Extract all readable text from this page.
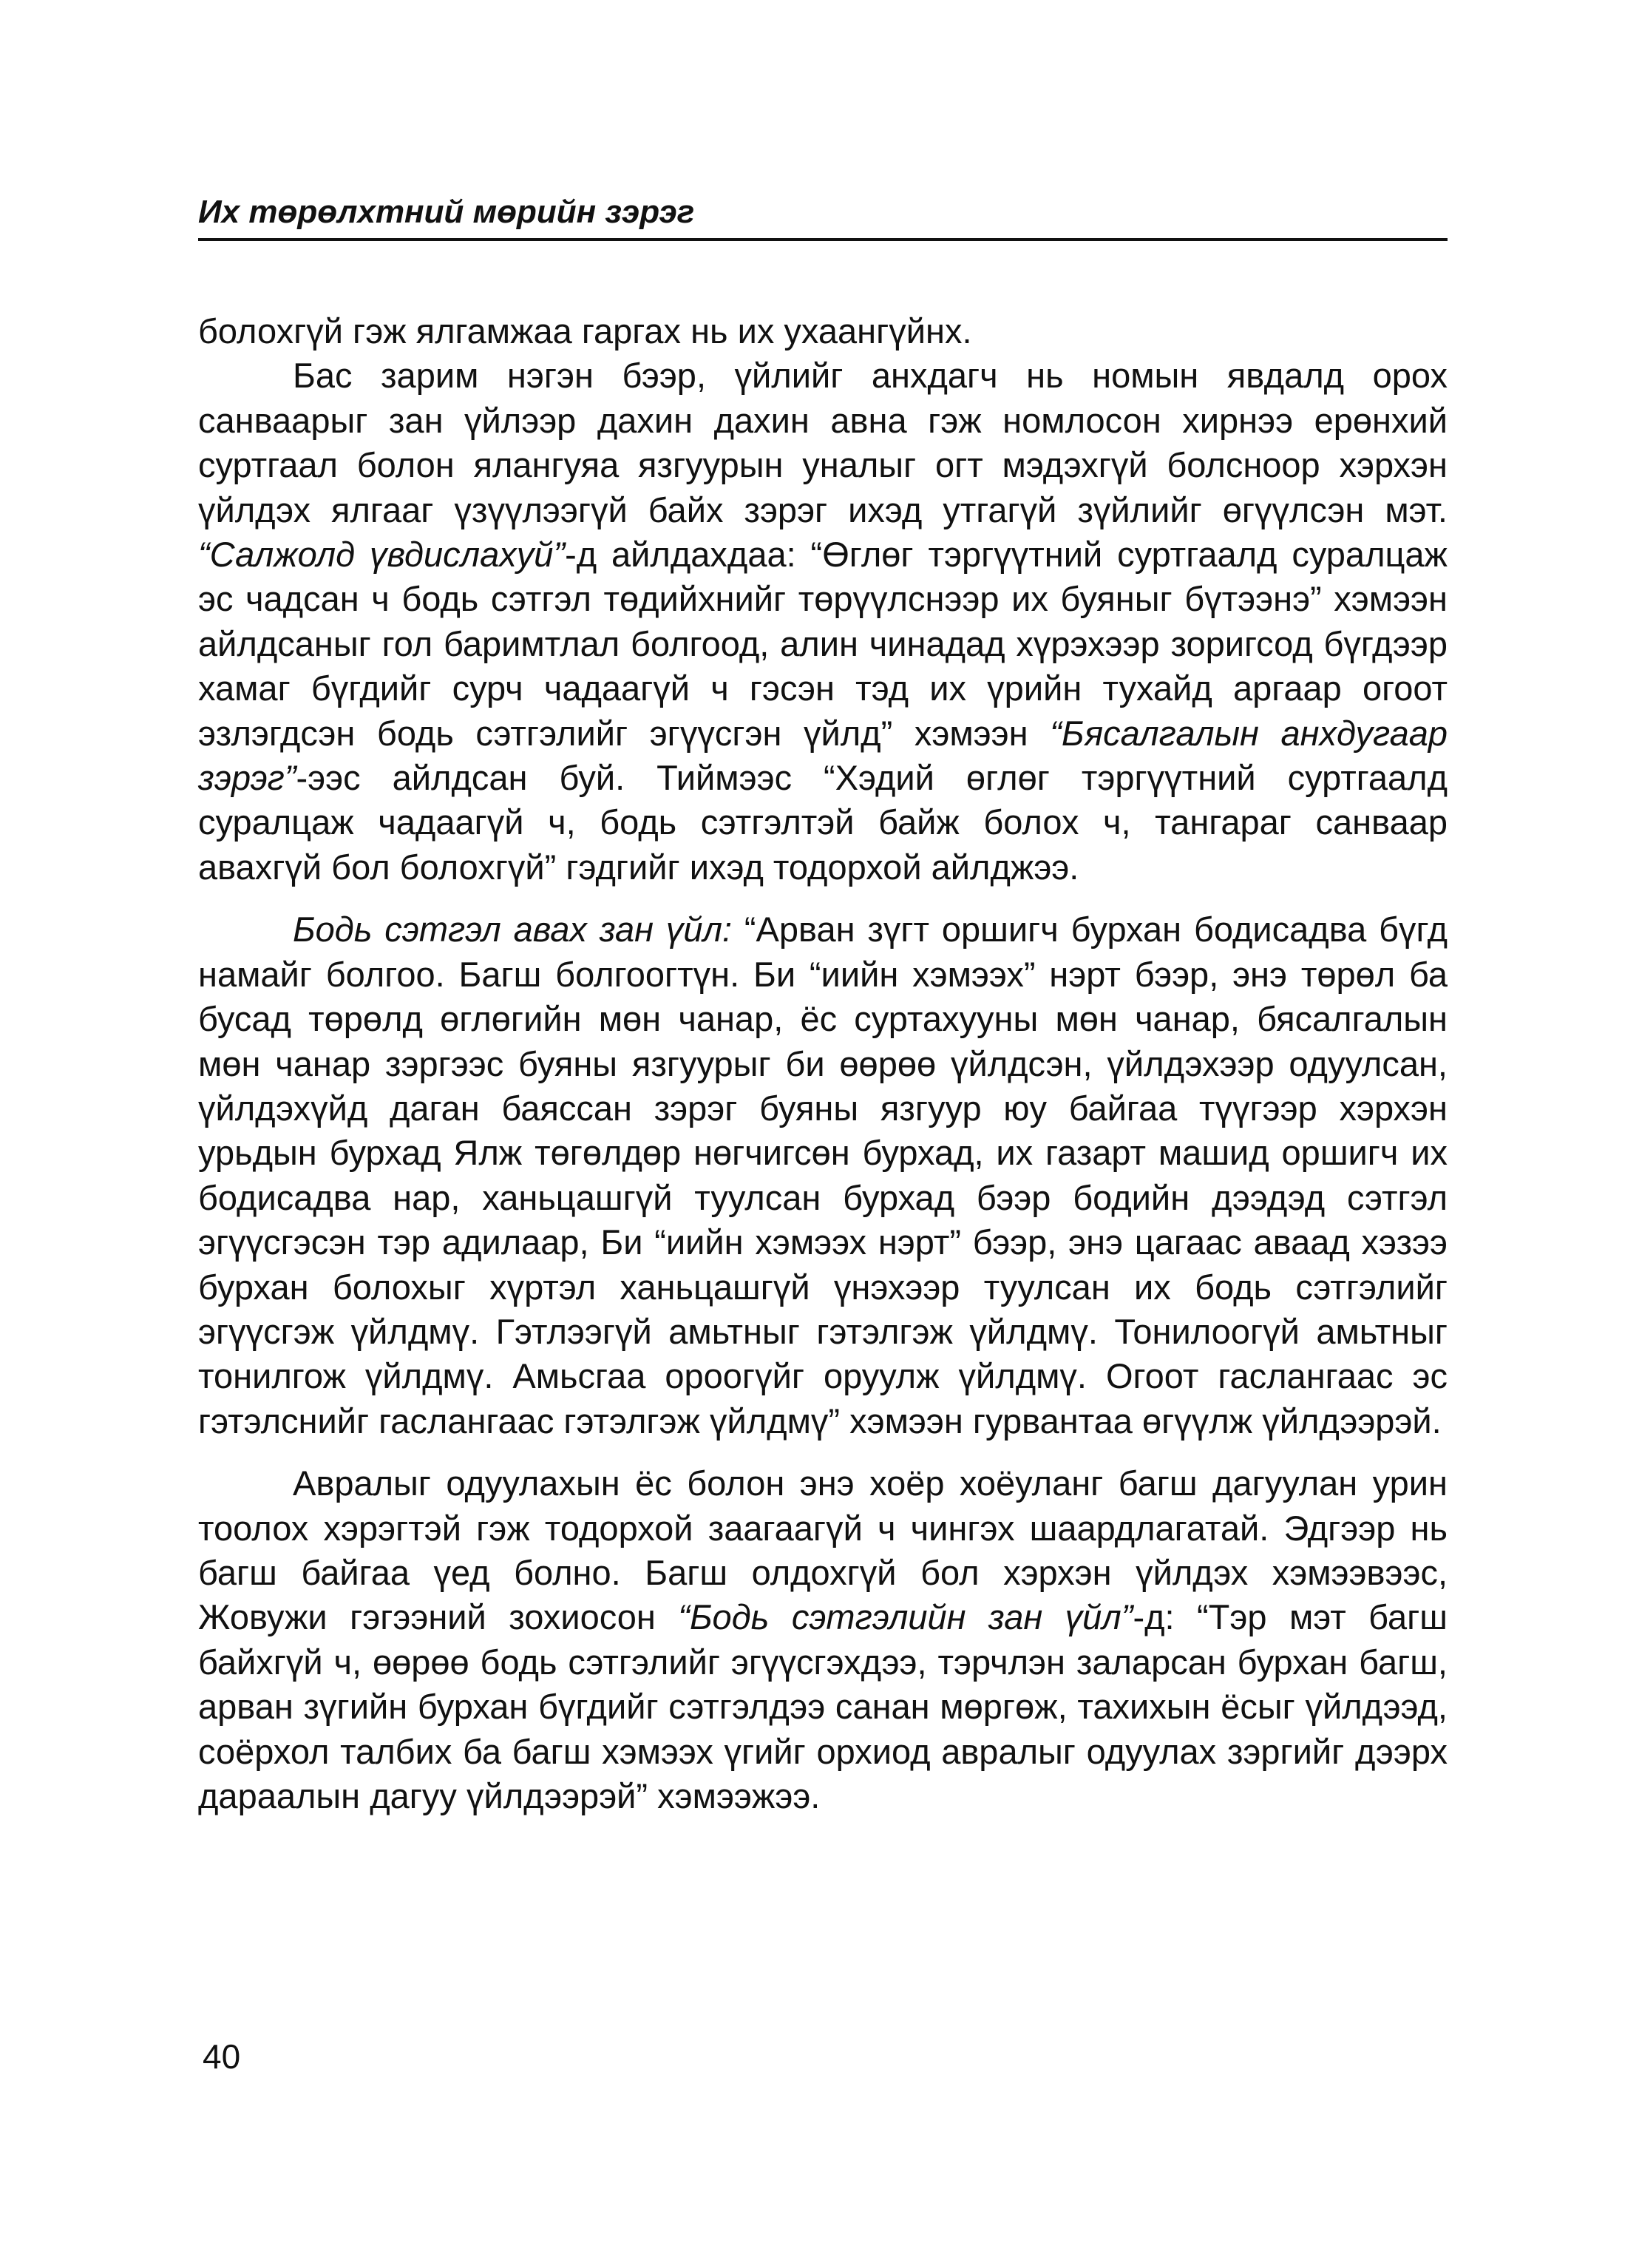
Их төрөлхтний мөрийн зэрэг

болохгүй гэж ялгамжаа гаргах нь их ухаангүйнх.

Бас зарим нэгэн бээр, үйлийг анхдагч нь номын явдалд орох санваарыг зан үйлээр дахин дахин авна гэж номлосон хирнээ ерөнхий суртгаал болон ялангуяа язгуурын уналыг огт мэдэхгүй болсноор хэрхэн үйлдэх ялгааг үзүүлээгүй байх зэрэг ихэд утгагүй зүйлийг өгүүлсэн мэт. “Салжолд үвдислахуй”-д айлдахдаа: “Өглөг тэргүүтний суртгаалд суралцаж эс чадсан ч бодь сэтгэл төдийхнийг төрүүлснээр их буяныг бүтээнэ” хэмээн айлдсаныг гол баримтлал болгоод, алин чинадад хүрэхээр зоригсод бүгдээр хамаг бүгдийг сурч чадаагүй ч гэсэн тэд их үрийн тухайд аргаар огоот эзлэгдсэн бодь сэтгэлийг эгүүсгэн үйлд” хэмээн “Бясалгалын анхдугаар зэрэг”-ээс айлдсан буй. Тиймээс “Хэдий өглөг тэргүүтний суртгаалд суралцаж чадаагүй ч, бодь сэтгэлтэй байж болох ч, тангараг санваар авахгүй бол болохгүй” гэдгийг ихэд тодорхой айлджээ.

Бодь сэтгэл авах зан үйл: “Арван зүгт оршигч бурхан бодисадва бүгд намайг болгоо. Багш болгоогтүн. Би “иийн хэмээх” нэрт бээр, энэ төрөл ба бусад төрөлд өглөгийн мөн чанар, ёс суртахууны мөн чанар, бясалгалын мөн чанар зэргээс буяны язгуурыг би өөрөө үйлдсэн, үйлдэхээр одуулсан, үйлдэхүйд даган баяссан зэрэг буяны язгуур юу байгаа түүгээр хэрхэн урьдын бурхад Ялж төгөлдөр нөгчигсөн бурхад, их газарт машид оршигч их бодисадва нар, ханьцашгүй туулсан бурхад бээр бодийн дээдэд сэтгэл эгүүсгэсэн тэр адилаар, Би “иийн хэмээх нэрт” бээр, энэ цагаас аваад хэзээ бурхан болохыг хүртэл ханьцашгүй үнэхээр туулсан их бодь сэтгэлийг эгүүсгэж үйлдмү. Гэтлээгүй амьтныг гэтэлгэж үйлдмү. Тонилоогүй амьтныг тонилгож үйлдмү. Амьсгаа ороогүйг оруулж үйлдмү. Огоот гаслангаас эс гэтэлснийг гаслангаас гэтэлгэж үйлдмү” хэмээн гурвантаа өгүүлж үйлдээрэй.

Авралыг одуулахын ёс болон энэ хоёр хоёуланг багш дагуулан урин тоолох хэрэгтэй гэж тодорхой заагаагүй ч чингэх шаардлагатай. Эдгээр нь багш байгаа үед болно. Багш олдохгүй бол хэрхэн үйлдэх хэмээвээс, Жовужи гэгээний зохиосон “Бодь сэтгэлийн зан үйл”-д: “Тэр мэт багш байхгүй ч, өөрөө бодь сэтгэлийг эгүүсгэхдээ, тэрчлэн заларсан бурхан багш, арван зүгийн бурхан бүгдийг сэтгэлдээ санан мөргөж, тахихын ёсыг үйлдээд, соёрхол талбих ба багш хэмээх үгийг орхиод авралыг одуулах зэргийг дээрх дараалын дагуу үйлдээрэй” хэмээжээ.

40
